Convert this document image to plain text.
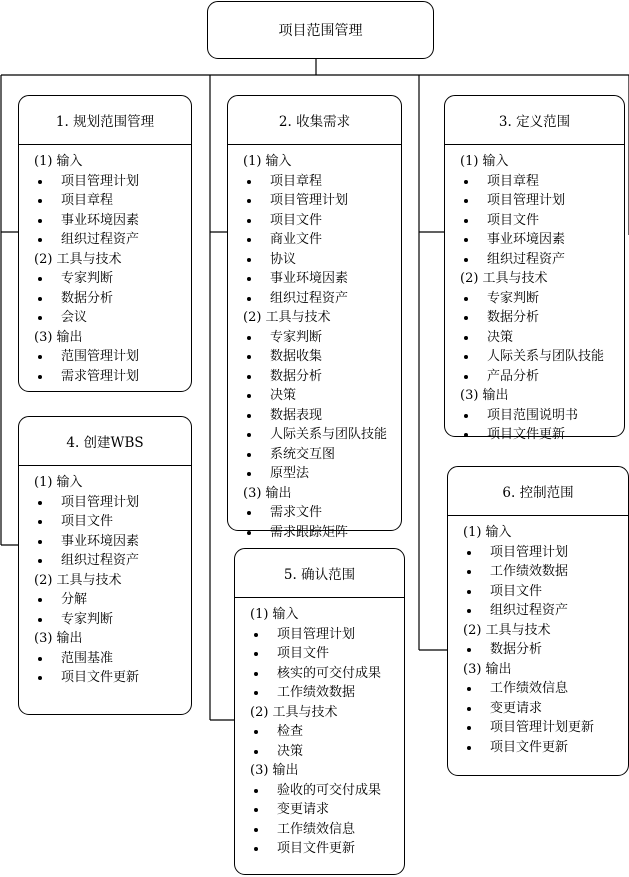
项目范围管理
1. 规划范围管理
(1) 输入
项目管理计划
项目章程
事业环境因素
组织过程资产
(2) 工具与技术
专家判断
数据分析
会议
(3) 输出
范围管理计划
需求管理计划
2. 收集需求
(1) 输入
项目章程
项目管理计划
项目文件
商业文件
协议
事业环境因素
组织过程资产
(2) 工具与技术
专家判断
数据收集
数据分析
决策
数据表现
人际关系与团队技能
系统交互图
原型法
(3) 输出
需求文件
需求跟踪矩阵
3. 定义范围
(1) 输入
项目章程
项目管理计划
项目文件
事业环境因素
组织过程资产
(2) 工具与技术
专家判断
数据分析
决策
人际关系与团队技能
产品分析
(3) 输出
项目范围说明书
项目文件更新
4. 创建WBS
(1) 输入
项目管理计划
项目文件
事业环境因素
组织过程资产
(2) 工具与技术
分解
专家判断
(3) 输出
范围基准
项目文件更新
5. 确认范围
(1) 输入
项目管理计划
项目文件
核实的可交付成果
工作绩效数据
(2) 工具与技术
检查
决策
(3) 输出
验收的可交付成果
变更请求
工作绩效信息
项目文件更新
6. 控制范围
(1) 输入
项目管理计划
工作绩效数据
项目文件
组织过程资产
(2) 工具与技术
数据分析
(3) 输出
工作绩效信息
变更请求
项目管理计划更新
项目文件更新
